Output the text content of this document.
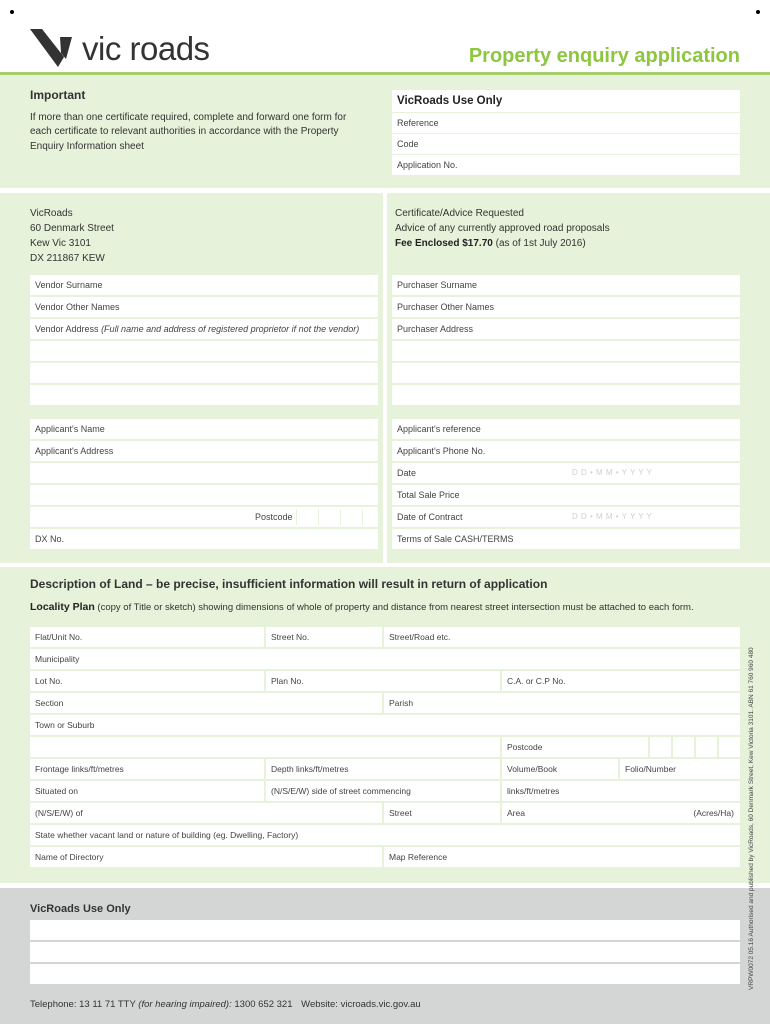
vic roads	Property enquiry application
Important
If more than one certificate required, complete and forward one form for
each certificate to relevant authorities in accordance with the Property
Enquiry Information sheet
VicRoads Use Only
Reference
Code
Application No.
VicRoads
60 Denmark Street
Kew Vic 3101
DX 211867 KEW
Certificate/Advice Requested
Advice of any currently approved road proposals
Fee Enclosed $17.70 (as of 1st July 2016)
Vendor Surname
Vendor Other Names
Vendor Address (Full name and address of registered proprietor if not the vendor)
Purchaser Surname
Purchaser Other Names
Purchaser Address
Applicant's Name
Applicant's Address
Postcode
DX No.
Applicant's reference
Applicant's Phone No.
Date	D D • M M • Y Y Y Y
Total Sale Price
Date of Contract	D D • M M • Y Y Y Y
Terms of Sale CASH/TERMS
Description of Land – be precise, insufficient information will result in return of application
Locality Plan (copy of Title or sketch) showing dimensions of whole of property and distance from nearest street intersection must be attached to each form.
Flat/Unit No.	Street No.	Street/Road etc.
Municipality
Lot No.	Plan No.	C.A. or C.P No.
Section	Parish
Town or Suburb
Postcode
Frontage links/ft/metres	Depth links/ft/metres	Volume/Book	Folio/Number
Situated on	(N/S/E/W) side of street commencing	links/ft/metres
(N/S/E/W) of	Street	Area	(Acres/Ha)
State whether vacant land or nature of building (eg. Dwelling, Factory)
Name of Directory	Map Reference
VicRoads Use Only
Telephone: 13 11 71 TTY (for hearing impaired): 1300 652 321 Website: vicroads.vic.gov.au
VRPW0072 05.16 Authorised and published by VicRoads, 60 Denmark Street, Kew Victoria 3101. ABN 61 760 960 480
